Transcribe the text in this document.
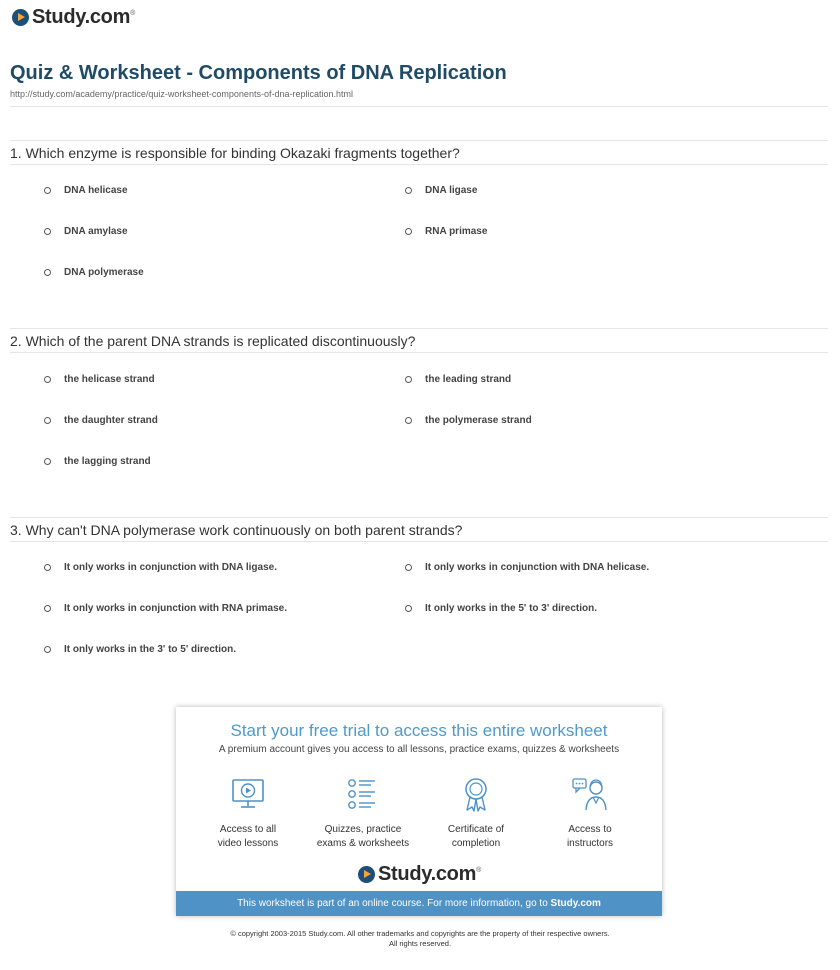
Study.com ®
Quiz & Worksheet - Components of DNA Replication
http://study.com/academy/practice/quiz-worksheet-components-of-dna-replication.html
1. Which enzyme is responsible for binding Okazaki fragments together?
DNA helicase	DNA ligase
DNA amylase	RNA primase
DNA polymerase
2. Which of the parent DNA strands is replicated discontinuously?
the helicase strand	the leading strand
the daughter strand	the polymerase strand
the lagging strand
3. Why can't DNA polymerase work continuously on both parent strands?
It only works in conjunction with DNA ligase.	It only works in conjunction with DNA helicase.
It only works in conjunction with RNA primase.	It only works in the 5' to 3' direction.
It only works in the 3' to 5' direction.
Start your free trial to access this entire worksheet
A premium account gives you access to all lessons, practice exams, quizzes & worksheets
Access to all
video lessons
Quizzes, practice
exams & worksheets
Certificate of
completion
Access to
instructors
Study.com ®
This worksheet is part of an online course. For more information, go to Study.com
© copyright 2003-2015 Study.com. All other trademarks and copyrights are the property of their respective owners.
All rights reserved.
